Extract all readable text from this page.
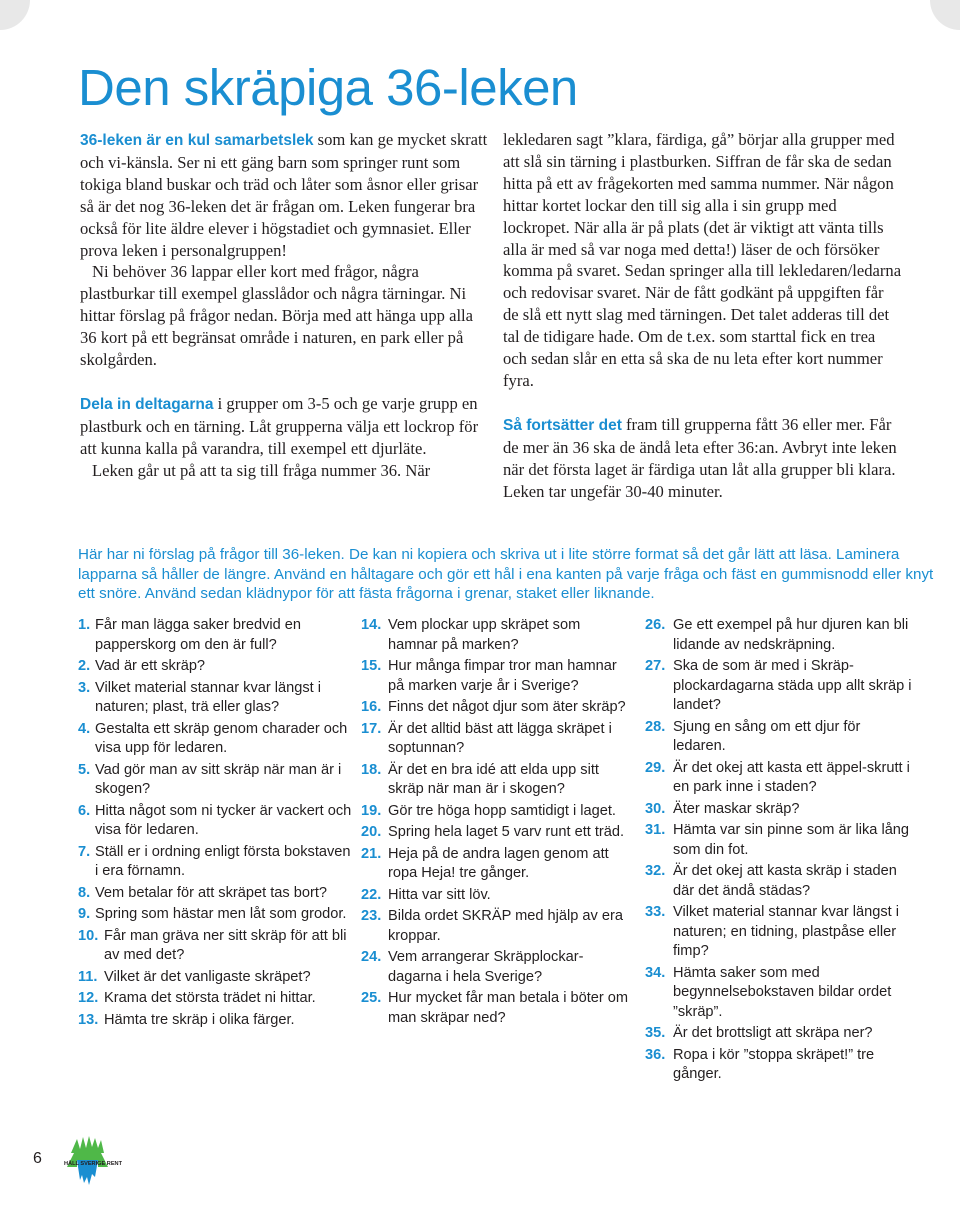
Den skräpiga 36-leken

36-leken är en kul samarbetslek som kan ge mycket skratt och vi-känsla. Ser ni ett gäng barn som springer runt som tokiga bland buskar och träd och låter som åsnor eller grisar så är det nog 36-leken det är frågan om. Leken fungerar bra också för lite äldre elever i högstadiet och gymnasiet. Eller prova leken i personalgruppen!

Ni behöver 36 lappar eller kort med frågor, några plastburkar till exempel glasslådor och några tärningar. Ni hittar förslag på frågor nedan. Börja med att hänga upp alla 36 kort på ett begränsat område i naturen, en park eller på skolgården.

Dela in deltagarna i grupper om 3-5 och ge varje grupp en plastburk och en tärning. Låt grupperna välja ett lockrop för att kunna kalla på varandra, till exempel ett djurläte.

Leken går ut på att ta sig till fråga nummer 36. När

lekledaren sagt ”klara, färdiga, gå” börjar alla grupper med att slå sin tärning i plastburken. Siffran de får ska de sedan hitta på ett av frågekorten med samma nummer. När någon hittar kortet lockar den till sig alla i sin grupp med lockropet. När alla är på plats (det är viktigt att vänta tills alla är med så var noga med detta!) läser de och försöker komma på svaret. Sedan springer alla till lekledaren/ledarna och redovisar svaret. När de fått godkänt på uppgiften får de slå ett nytt slag med tärningen. Det talet adderas till det tal de tidigare hade. Om de t.ex. som starttal fick en trea och sedan slår en etta så ska de nu leta efter kort nummer fyra.

Så fortsätter det fram till grupperna fått 36 eller mer. Får de mer än 36 ska de ändå leta efter 36:an. Avbryt inte leken när det första laget är färdiga utan låt alla grupper bli klara. Leken tar ungefär 30-40 minuter.

Här har ni förslag på frågor till 36-leken. De kan ni kopiera och skriva ut i lite större format så det går lätt att läsa. Laminera lapparna så håller de längre. Använd en håltagare och gör ett hål i ena kanten på varje fråga och fäst en gummisnodd eller knyt ett snöre. Använd sedan klädnypor för att fästa frågorna i grenar, staket eller liknande.

1. Får man lägga saker bredvid en papperskorg om den är full?
2. Vad är ett skräp?
3. Vilket material stannar kvar längst i naturen; plast, trä eller glas?
4. Gestalta ett skräp genom charader och visa upp för ledaren.
5. Vad gör man av sitt skräp när man är i skogen?
6. Hitta något som ni tycker är vackert och visa för ledaren.
7. Ställ er i ordning enligt första bokstaven i era förnamn.
8. Vem betalar för att skräpet tas bort?
9. Spring som hästar men låt som grodor.
10. Får man gräva ner sitt skräp för att bli av med det?
11. Vilket är det vanligaste skräpet?
12. Krama det största trädet ni hittar.
13. Hämta tre skräp i olika färger.
14. Vem plockar upp skräpet som hamnar på marken?
15. Hur många fimpar tror man hamnar på marken varje år i Sverige?
16. Finns det något djur som äter skräp?
17. Är det alltid bäst att lägga skräpet i soptunnan?
18. Är det en bra idé att elda upp sitt skräp när man är i skogen?
19. Gör tre höga hopp samtidigt i laget.
20. Spring hela laget 5 varv runt ett träd.
21. Heja på de andra lagen genom att ropa Heja! tre gånger.
22. Hitta var sitt löv.
23. Bilda ordet SKRÄP med hjälp av era kroppar.
24. Vem arrangerar Skräpplockar-dagarna i hela Sverige?
25. Hur mycket får man betala i böter om man skräpar ned?
26. Ge ett exempel på hur djuren kan bli lidande av nedskräpning.
27. Ska de som är med i Skräp-plockardagarna städa upp allt skräp i landet?
28. Sjung en sång om ett djur för ledaren.
29. Är det okej att kasta ett äppel-skrutt i en park inne i staden?
30. Äter maskar skräp?
31. Hämta var sin pinne som är lika lång som din fot.
32. Är det okej att kasta skräp i staden där det ändå städas?
33. Vilket material stannar kvar längst i naturen; en tidning, plastpåse eller fimp?
34. Hämta saker som med begynnelsebokstaven bildar ordet ”skräp”.
35. Är det brottsligt att skräpa ner?
36. Ropa i kör ”stoppa skräpet!” tre gånger.
6	HÅLL SVERIGE RENT
